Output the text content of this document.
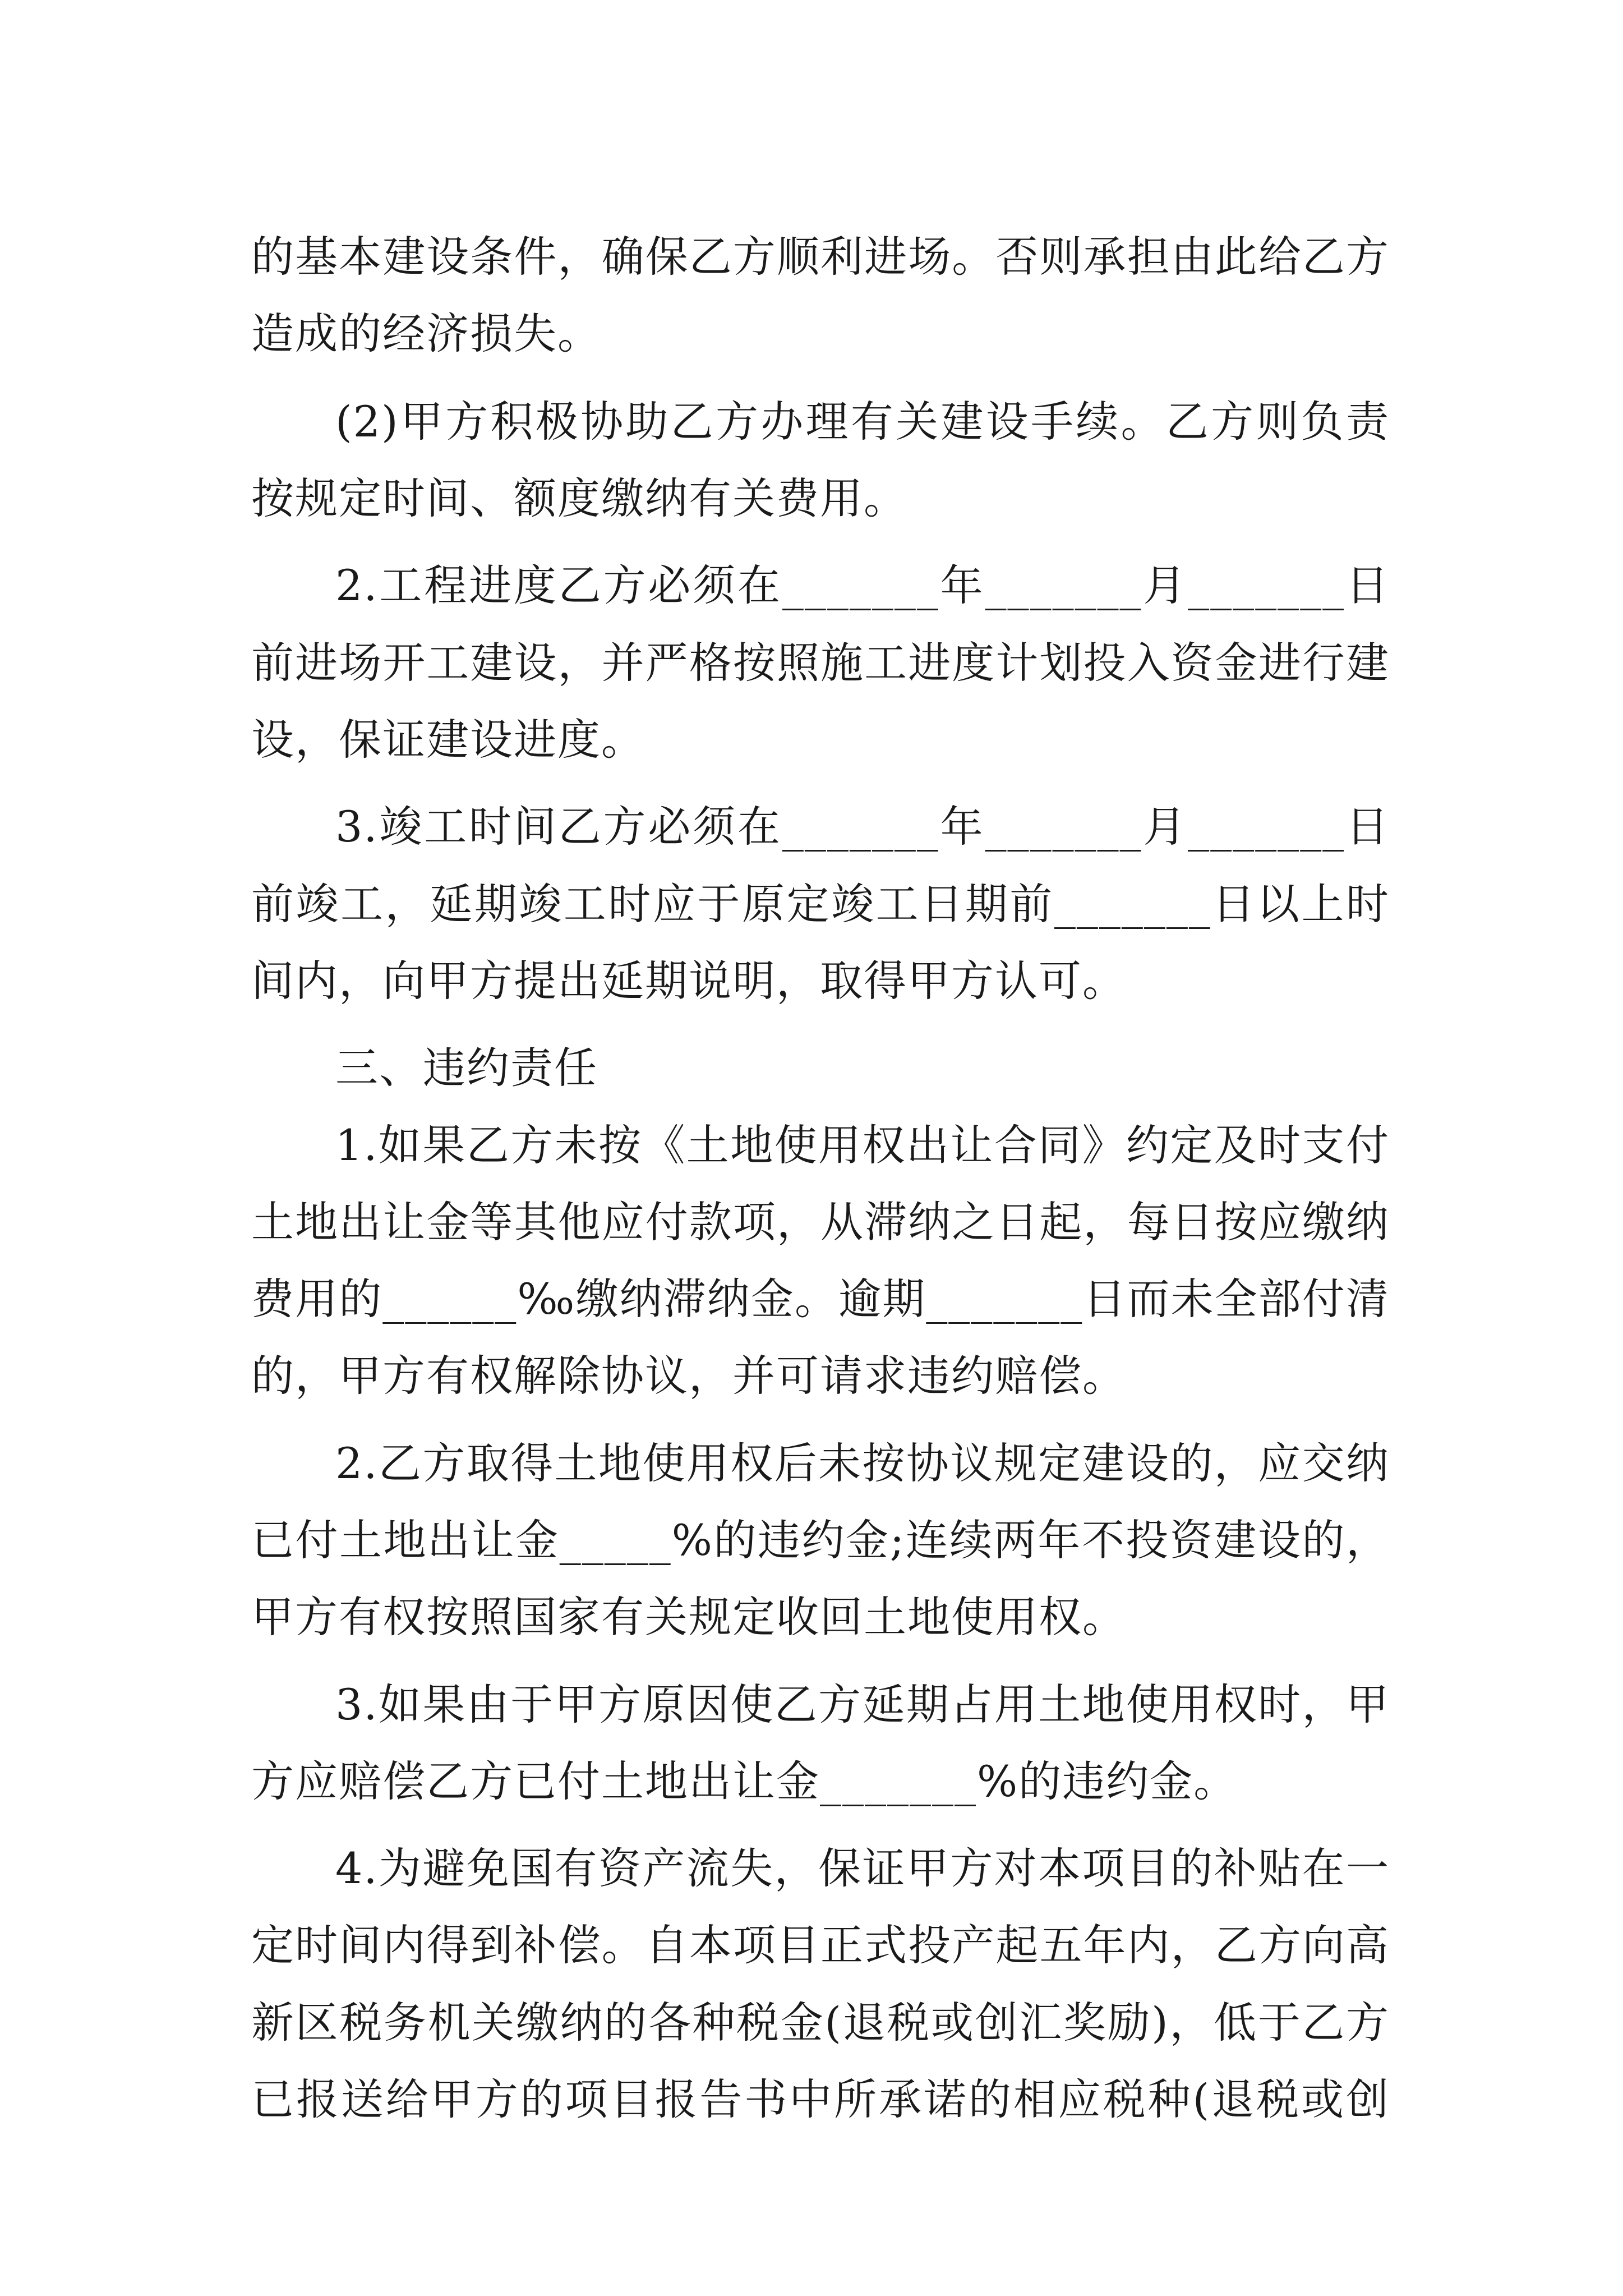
的基本建设条件，确保乙方顺利进场。否则承担由此给乙方
造成的经济损失。
(2)甲方积极协助乙方办理有关建设手续。乙方则负责
按规定时间、额度缴纳有关费用。
2.工程进度乙方必须在_______年_______月_______日
前进场开工建设，并严格按照施工进度计划投入资金进行建
设，保证建设进度。
3.竣工时间乙方必须在_______年_______月_______日
前竣工，延期竣工时应于原定竣工日期前_______日以上时
间内，向甲方提出延期说明，取得甲方认可。
三、违约责任
1.如果乙方未按《土地使用权出让合同》约定及时支付
土地出让金等其他应付款项，从滞纳之日起，每日按应缴纳
费用的______‰缴纳滞纳金。逾期_______日而未全部付清
的，甲方有权解除协议，并可请求违约赔偿。
2.乙方取得土地使用权后未按协议规定建设的，应交纳
已付土地出让金_____%的违约金;连续两年不投资建设的，
甲方有权按照国家有关规定收回土地使用权。
3.如果由于甲方原因使乙方延期占用土地使用权时，甲
方应赔偿乙方已付土地出让金_______%的违约金。
4.为避免国有资产流失，保证甲方对本项目的补贴在一
定时间内得到补偿。自本项目正式投产起五年内，乙方向高
新区税务机关缴纳的各种税金(退税或创汇奖励)，低于乙方
已报送给甲方的项目报告书中所承诺的相应税种(退税或创
